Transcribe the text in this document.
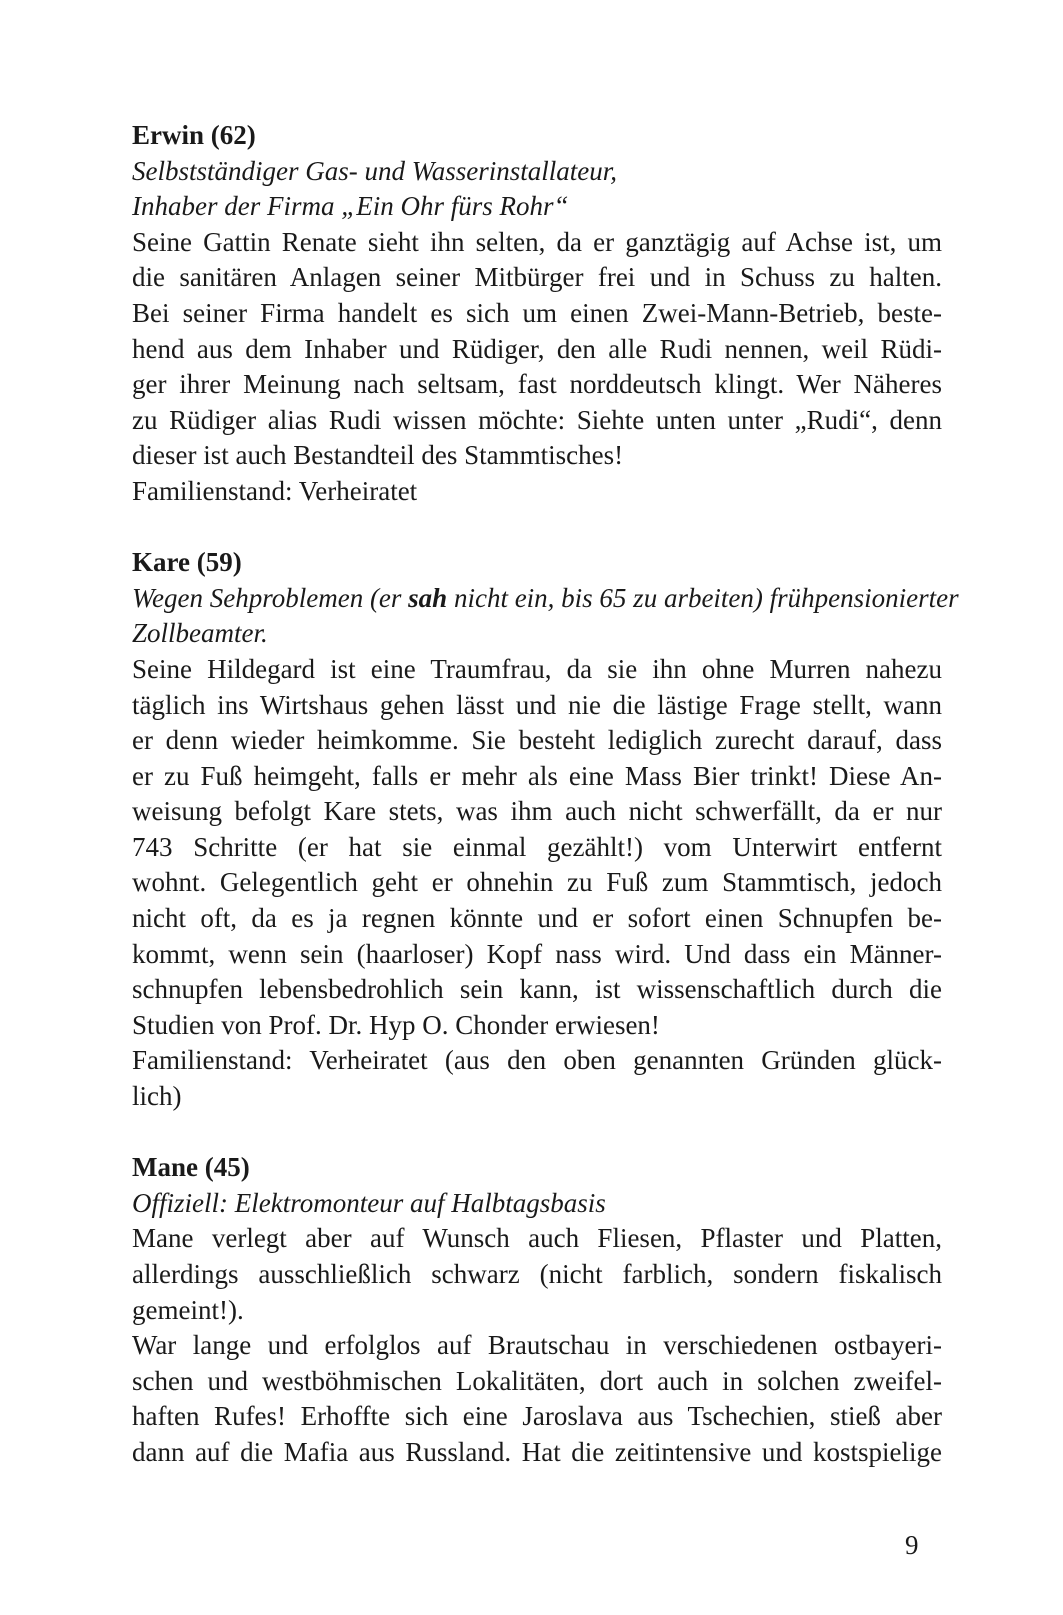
Erwin (62)
Selbstständiger Gas- und Wasserinstallateur,
Inhaber der Firma „Ein Ohr fürs Rohr“
Seine Gattin Renate sieht ihn selten, da er ganztägig auf Achse ist, um
die sanitären Anlagen seiner Mitbürger frei und in Schuss zu halten.
Bei seiner Firma handelt es sich um einen Zwei-Mann-Betrieb, beste-
hend aus dem Inhaber und Rüdiger, den alle Rudi nennen, weil Rüdi-
ger ihrer Meinung nach seltsam, fast norddeutsch klingt. Wer Näheres
zu Rüdiger alias Rudi wissen möchte: Siehte unten unter „Rudi“, denn
dieser ist auch Bestandteil des Stammtisches!
Familienstand: Verheiratet
Kare (59)
Wegen Sehproblemen (er sah nicht ein, bis 65 zu arbeiten) frühpensionierter
Zollbeamter.
Seine Hildegard ist eine Traumfrau, da sie ihn ohne Murren nahezu
täglich ins Wirtshaus gehen lässt und nie die lästige Frage stellt, wann
er denn wieder heimkomme. Sie besteht lediglich zurecht darauf, dass
er zu Fuß heimgeht, falls er mehr als eine Mass Bier trinkt! Diese An-
weisung befolgt Kare stets, was ihm auch nicht schwerfällt, da er nur
743 Schritte (er hat sie einmal gezählt!) vom Unterwirt entfernt
wohnt. Gelegentlich geht er ohnehin zu Fuß zum Stammtisch, jedoch
nicht oft, da es ja regnen könnte und er sofort einen Schnupfen be-
kommt, wenn sein (haarloser) Kopf nass wird. Und dass ein Männer-
schnupfen lebensbedrohlich sein kann, ist wissenschaftlich durch die
Studien von Prof. Dr. Hyp O. Chonder erwiesen!
Familienstand: Verheiratet (aus den oben genannten Gründen glück-
lich)
Mane (45)
Offiziell: Elektromonteur auf Halbtagsbasis
Mane verlegt aber auf Wunsch auch Fliesen, Pflaster und Platten,
allerdings ausschließlich schwarz (nicht farblich, sondern fiskalisch
gemeint!).
War lange und erfolglos auf Brautschau in verschiedenen ostbayeri-
schen und westböhmischen Lokalitäten, dort auch in solchen zweifel-
haften Rufes! Erhoffte sich eine Jaroslava aus Tschechien, stieß aber
dann auf die Mafia aus Russland. Hat die zeitintensive und kostspielige
9
